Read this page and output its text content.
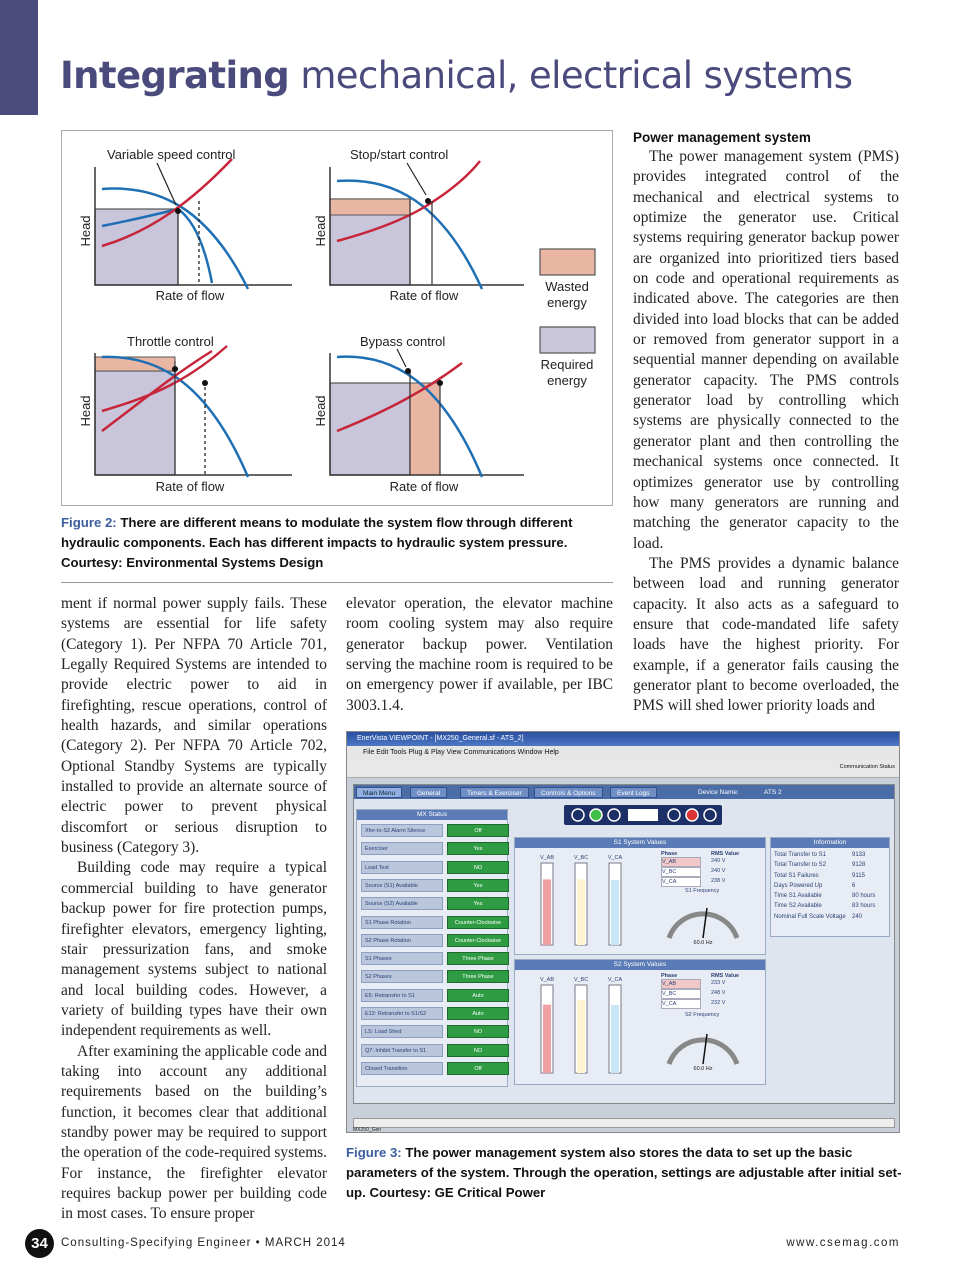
Integrating mechanical, electrical systems
Variable speed control
Head
Rate of flow
Stop/start control
Head
Rate of flow
Wasted energy
Required energy
Throttle control
Head
Rate of flow
Bypass control
Head
Rate of flow
Figure 2: There are different means to modulate the system flow through different hydraulic components. Each has different impacts to hydraulic system pressure. Courtesy: Environmental Systems Design
Power management system

The power management system (PMS) provides integrated control of the mechanical and electrical systems to optimize the generator use. Critical systems requiring generator backup power are organized into prioritized tiers based on code and operational requirements as indicated above. The categories are then divided into load blocks that can be added or removed from generator support in a sequential manner depending on available generator capacity. The PMS controls generator load by controlling which systems are physically connected to the generator plant and then controlling the mechanical systems once connected. It optimizes generator use by controlling how many generators are running and matching the generator capacity to the load.

The PMS provides a dynamic balance between load and running generator capacity. It also acts as a safeguard to ensure that code-mandated life safety loads have the highest priority. For example, if a generator fails causing the generator plant to become overloaded, the PMS will shed lower priority loads and

ment if normal power supply fails. These systems are essential for life safety (Category 1). Per NFPA 70 Article 701, Legally Required Systems are intended to provide electric power to aid in firefighting, rescue operations, control of health hazards, and similar operations (Category 2). Per NFPA 70 Article 702, Optional Standby Systems are typically installed to provide an alternate source of electric power to prevent physical discomfort or serious disruption to business (Category 3).

Building code may require a typical commercial building to have generator backup power for fire protection pumps, firefighter elevators, emergency lighting, stair pressurization fans, and smoke management systems subject to national and local building codes. However, a variety of building types have their own independent requirements as well.

After examining the applicable code and taking into account any additional requirements based on the building’s function, it becomes clear that additional standby power may be required to support the operation of the code-required systems. For instance, the firefighter elevator requires backup power per building code in most cases. To ensure proper

elevator operation, the elevator machine room cooling system may also require generator backup power. Ventilation serving the machine room is required to be on emergency power if available, per IBC 3003.1.4.

EnerVista VIEWPOINT - [MX250_General.sf - ATS_2]
File Edit Tools Plug & Play View Communications Window Help
Communication Status
Main Menu	General	Timers & Exerciser	Controls & Options	Event Logs	Device Name:	ATS 2
MX Status
Xfer-to-S2 Alarm Silence	Off
Exerciser	Yes
Load Test	NO
Source (S1) Available	Yes
Source (S2) Available	Yes
S1 Phase Rotation	Counter-Clockwise
S2 Phase Rotation	Counter-Clockwise
S1 Phases	Three Phase
S2 Phases	Three Phase
E5: Retransfer to S1	Auto
E12: Retransfer to S1/S2	Auto
LS: Load Shed	NO
Q7: Inhibit Transfer to S1	NO
Closed Transition	Off
S1 System Values
V_AB	V_BC	V_CA
Phase	RMS Value
V_AB	240 V
V_BC	240 V
V_CA	238 V
S1 Frequency
60.0 Hz
S2 System Values
V_AB	V_BC	V_CA
Phase	RMS Value
V_AB	233 V
V_BC	248 V
V_CA	232 V
S2 Frequency
60.0 Hz
Information
Total Transfer to S1	9133
Total Transfer to S2	9128
Total S1 Failures	9115
Days Powered Up	6
Time S1 Available	80 hours
Time S2 Available	83 hours
Nominal Full Scale Voltage	240
MX250_Gen
Figure 3: The power management system also stores the data to set up the basic parameters of the system. Through the operation, settings are adjustable after initial set-up. Courtesy: GE Critical Power
34	Consulting-Specifying Engineer • MARCH 2014	www.csemag.com
